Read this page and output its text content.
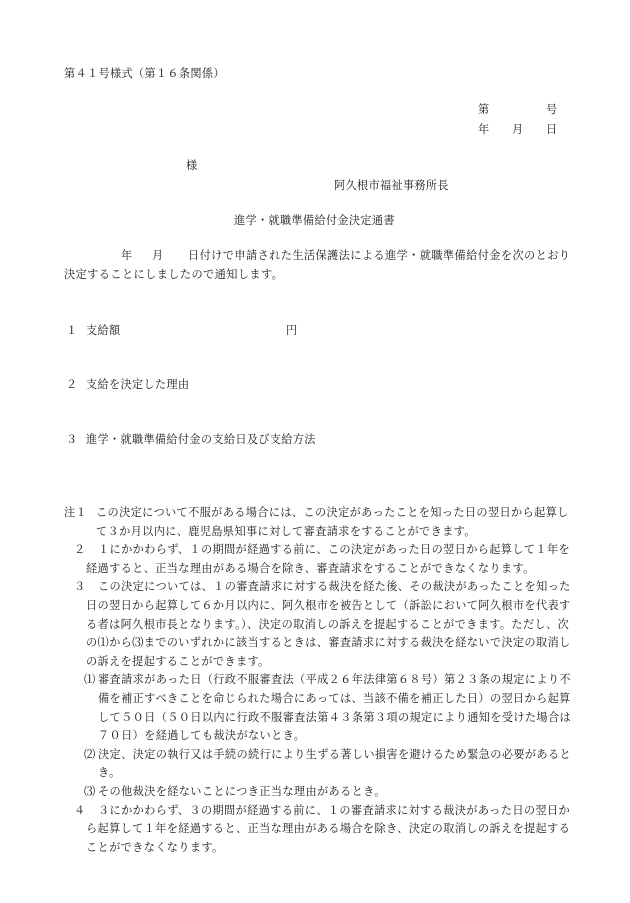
第４１号様式（第１６条関係）
第	号
年 月 日
様
阿久根市福祉事務所長
進学・就職準備給付金決定通書
年 月	日付けで申請された生活保護法による進学・就職準備給付金を次のとおり決定することにしましたので通知します。
１ 支給額	円
２ 支給を決定した理由
３ 進学・就職準備給付金の支給日及び支給方法
注１ この決定について不服がある場合には、この決定があったことを知った日の翌日から起算して３か月以内に、鹿児島県知事に対して審査請求をすることができます。
２	１にかかわらず、１の期間が経過する前に、この決定があった日の翌日から起算して１年を経過すると、正当な理由がある場合を除き、審査請求をすることができなくなります。
３	この決定については、１の審査請求に対する裁決を経た後、その裁決があったことを知った日の翌日から起算して６か月以内に、阿久根市を被告として（訴訟において阿久根市を代表する者は阿久根市長となります。）、決定の取消しの訴えを提起することができます。ただし、次の⑴から⑶までのいずれかに該当するときは、審査請求に対する裁決を経ないで決定の取消しの訴えを提起することができます。
⑴ 審査請求があった日（行政不服審査法（平成２６年法律第６８号）第２３条の規定により不備を補正すべきことを命じられた場合にあっては、当該不備を補正した日）の翌日から起算して５０日（５０日以内に行政不服審査法第４３条第３項の規定により通知を受けた場合は７０日）を経過しても裁決がないとき。
⑵ 決定、決定の執行又は手続の続行により生ずる著しい損害を避けるため緊急の必要があるとき。
⑶ その他裁決を経ないことにつき正当な理由があるとき。
４	３にかかわらず、３の期間が経過する前に、１の審査請求に対する裁決があった日の翌日から起算して１年を経過すると、正当な理由がある場合を除き、決定の取消しの訴えを提起することができなくなります。
